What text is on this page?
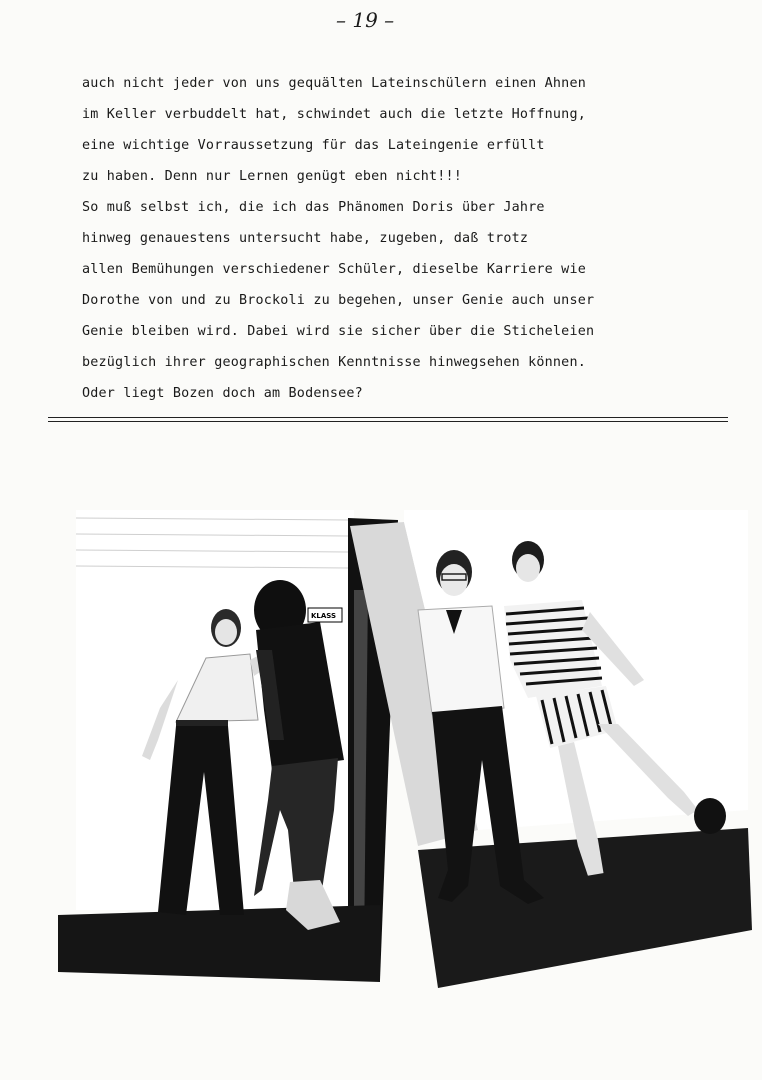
– 19 –
auch nicht jeder von uns gequälten Lateinschülern einen Ahnen
im Keller verbuddelt hat, schwindet auch die letzte Hoffnung,
eine wichtige Vorraussetzung für das Lateingenie erfüllt
zu haben. Denn nur Lernen genügt eben nicht!!!
So muß selbst ich, die ich das Phänomen Doris über Jahre
hinweg genauestens untersucht habe, zugeben, daß trotz
allen Bemühungen verschiedener Schüler, dieselbe Karriere wie
Dorothe von und zu Brockoli zu begehen, unser Genie auch unser
Genie bleiben wird. Dabei wird sie sicher über die Sticheleien
bezüglich ihrer geographischen Kenntnisse hinwegsehen können.
Oder liegt Bozen doch am Bodensee?
KLASS
